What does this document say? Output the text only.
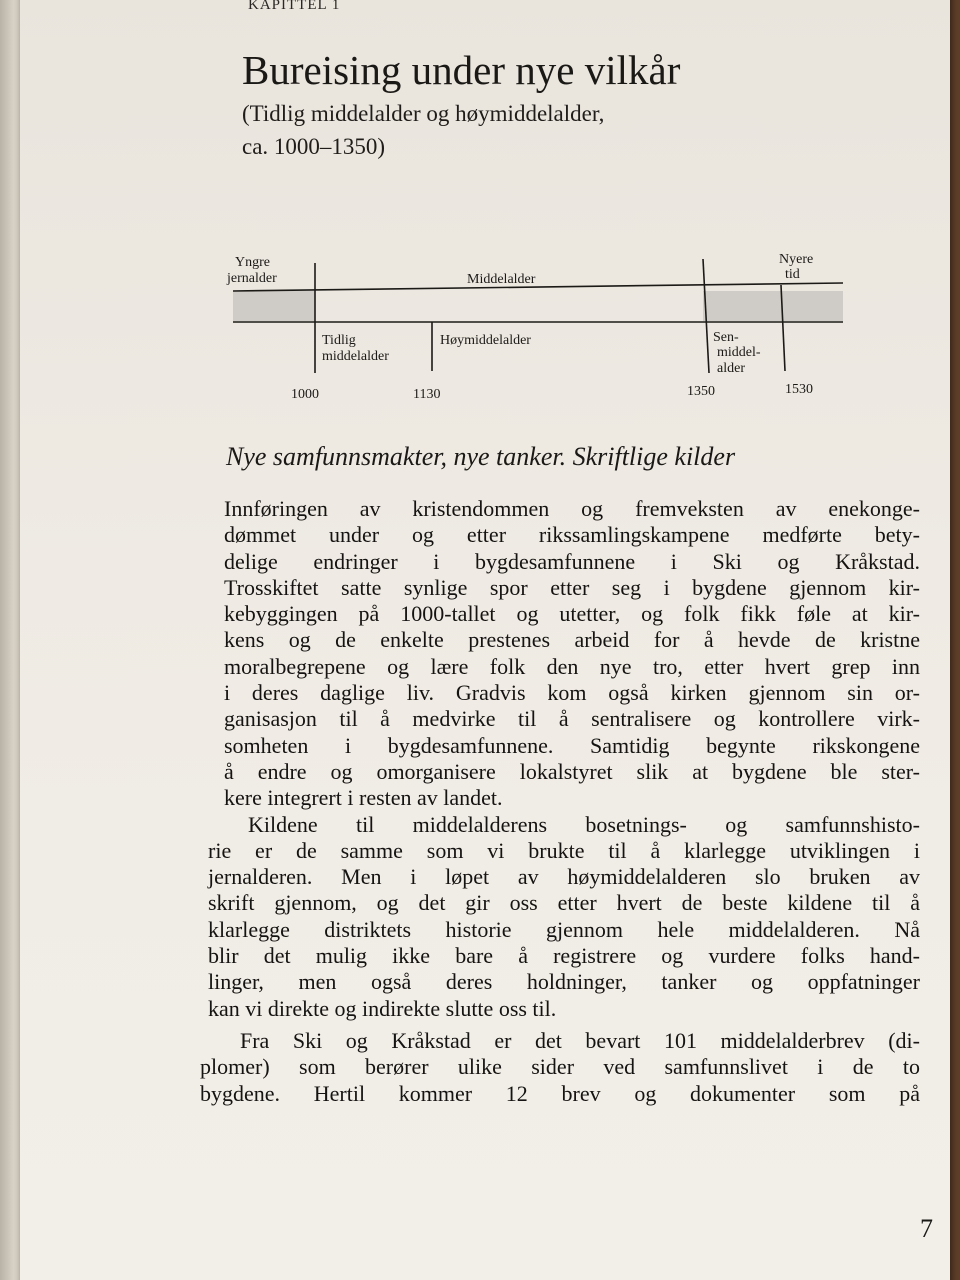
KAPITTEL 1
Bureising under nye vilkår
(Tidlig middelalder og høymiddelalder,
ca. 1000–1350)
Yngre
jernalder	Middelalder
Nyere
tid
Tidlig
middelalder
Høymiddelalder	Sen-
middel-
alder
1000	1130	1350	1530
Nye samfunnsmakter, nye tanker. Skriftlige kilder
Innføringen av kristendommen og fremveksten av enekonge-
dømmet under og etter rikssamlingskampene medførte bety-
delige endringer i bygdesamfunnene i Ski og Kråkstad.
Trosskiftet satte synlige spor etter seg i bygdene gjennom kir-
kebyggingen på 1000-tallet og utetter, og folk fikk føle at kir-
kens og de enkelte prestenes arbeid for å hevde de kristne
moralbegrepene og lære folk den nye tro, etter hvert grep inn
i deres daglige liv. Gradvis kom også kirken gjennom sin or-
ganisasjon til å medvirke til å sentralisere og kontrollere virk-
somheten i bygdesamfunnene. Samtidig begynte rikskongene
å endre og omorganisere lokalstyret slik at bygdene ble ster-
kere integrert i resten av landet.
Kildene til middelalderens bosetnings- og samfunnshisto-
rie er de samme som vi brukte til å klarlegge utviklingen i
jernalderen. Men i løpet av høymiddelalderen slo bruken av
skrift gjennom, og det gir oss etter hvert de beste kildene til å
klarlegge distriktets historie gjennom hele middelalderen. Nå
blir det mulig ikke bare å registrere og vurdere folks hand-
linger, men også deres holdninger, tanker og oppfatninger
kan vi direkte og indirekte slutte oss til.
Fra Ski og Kråkstad er det bevart 101 middelalderbrev (di-
plomer) som berører ulike sider ved samfunnslivet i de to
bygdene. Hertil kommer 12 brev og dokumenter som på
7
